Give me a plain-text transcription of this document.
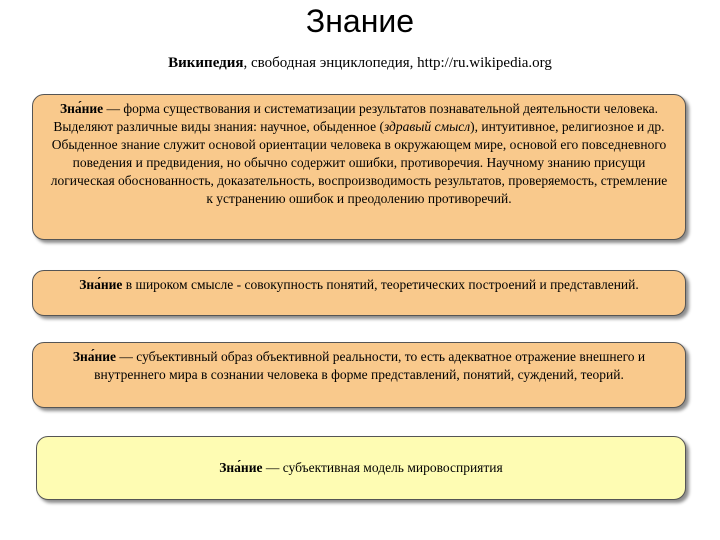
Знание
Википедия, свободная энциклопедия, http://ru.wikipedia.org
Зна́ние — форма существования и систематизации результатов познавательной деятельности человека. Выделяют различные виды знания: научное, обыденное (здравый смысл), интуитивное, религиозное и др. Обыденное знание служит основой ориентации человека в окружающем мире, основой его повседневного поведения и предвидения, но обычно содержит ошибки, противоречия. Научному знанию присущи логическая обоснованность, доказательность, воспроизводимость результатов, проверяемость, стремление к устранению ошибок и преодолению противоречий.
Зна́ние в широком смысле - совокупность понятий, теоретических построений и представлений.
Зна́ние — субъективный образ объективной реальности, то есть адекватное отражение внешнего и внутреннего мира в сознании человека в форме представлений, понятий, суждений, теорий.
Зна́ние — субъективная модель мировосприятия
